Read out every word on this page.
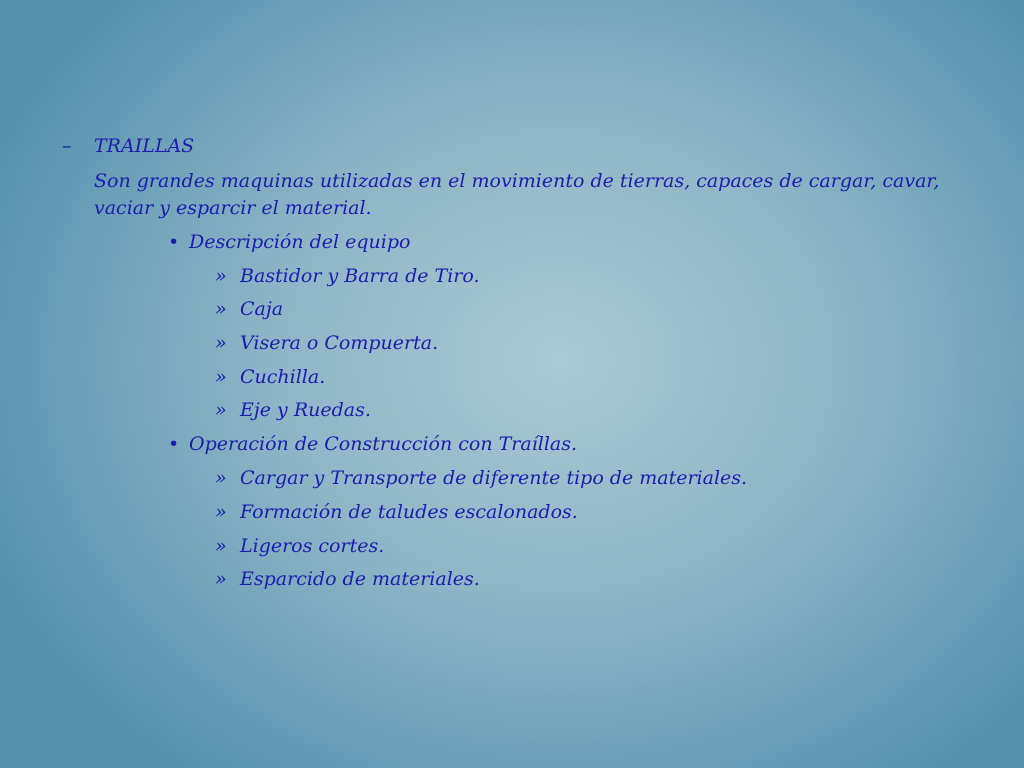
– TRAILLAS
Son grandes maquinas utilizadas en el movimiento de tierras, capaces de cargar, cavar, vaciar y esparcir el material.
• Descripción del equipo
» Bastidor y Barra de Tiro.
» Caja
» Visera o Compuerta.
» Cuchilla.
» Eje y Ruedas.
• Operación de Construcción con Traíllas.
» Cargar y Transporte de diferente tipo de materiales.
» Formación de taludes escalonados.
» Ligeros cortes.
» Esparcido de materiales.
